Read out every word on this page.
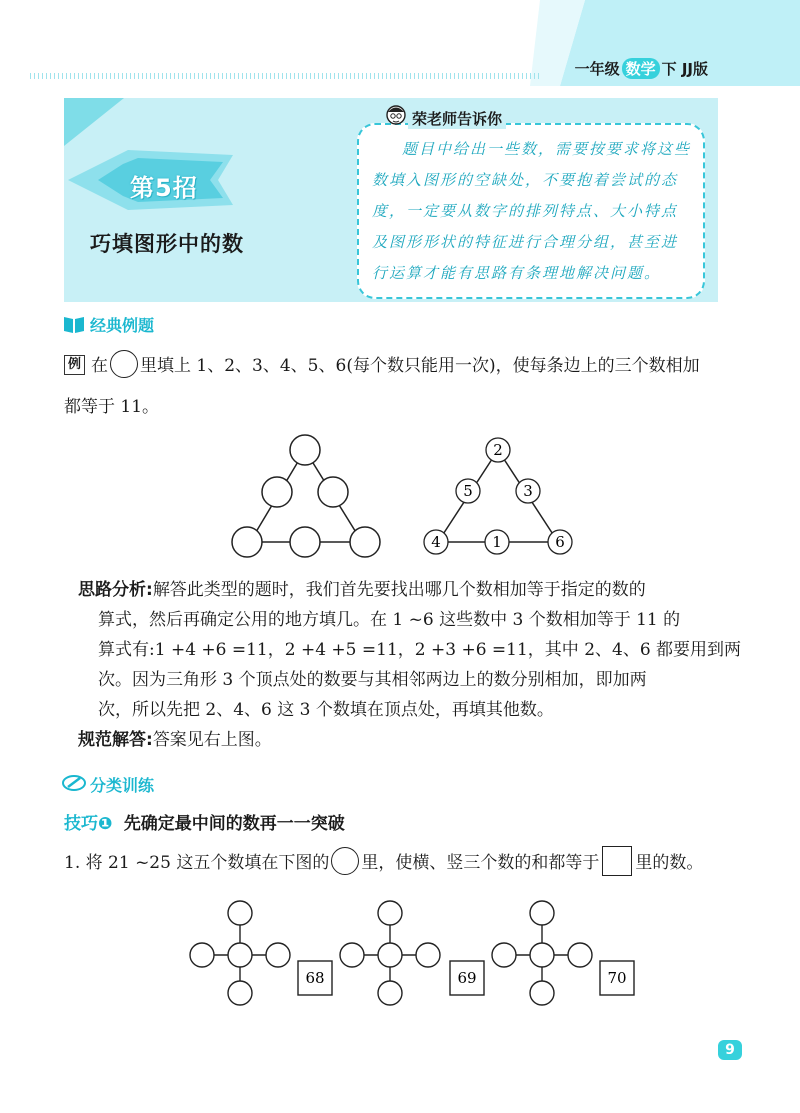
一年级 数学 下 JJ版
第5招
巧填图形中的数
荣老师告诉你
题目中给出一些数，需要按要求将这些数填入图形的空缺处，不要抱着尝试的态度，一定要从数字的排列特点、大小特点及图形形状的特征进行合理分组，甚至进行运算才能有思路有条理地解决问题。
经典例题
例 在 里填上 1、2、3、4、5、6(每个数只能用一次)，使每条边上的三个数相加
都等于 11。
2
5	3
4	1	6
思路分析:解答此类型的题时，我们首先要找出哪几个数相加等于指定的数的
算式，然后再确定公用的地方填几。在 1 ~6 这些数中 3 个数相加等于 11 的
算式有:1 +4 +6 =11，2 +4 +5 =11，2 +3 +6 =11，其中 2、4、6 都要用到两
次。因为三角形 3 个顶点处的数要与其相邻两边上的数分别相加，即加两
次，所以先把 2、4、6 这 3 个数填在顶点处，再填其他数。
规范解答:答案见右上图。
分类训练
技巧❶ 先确定最中间的数再一一突破
1. 将 21 ~25 这五个数填在下图的 里，使横、竖三个数的和都等于 里的数。
68	69	70
9
